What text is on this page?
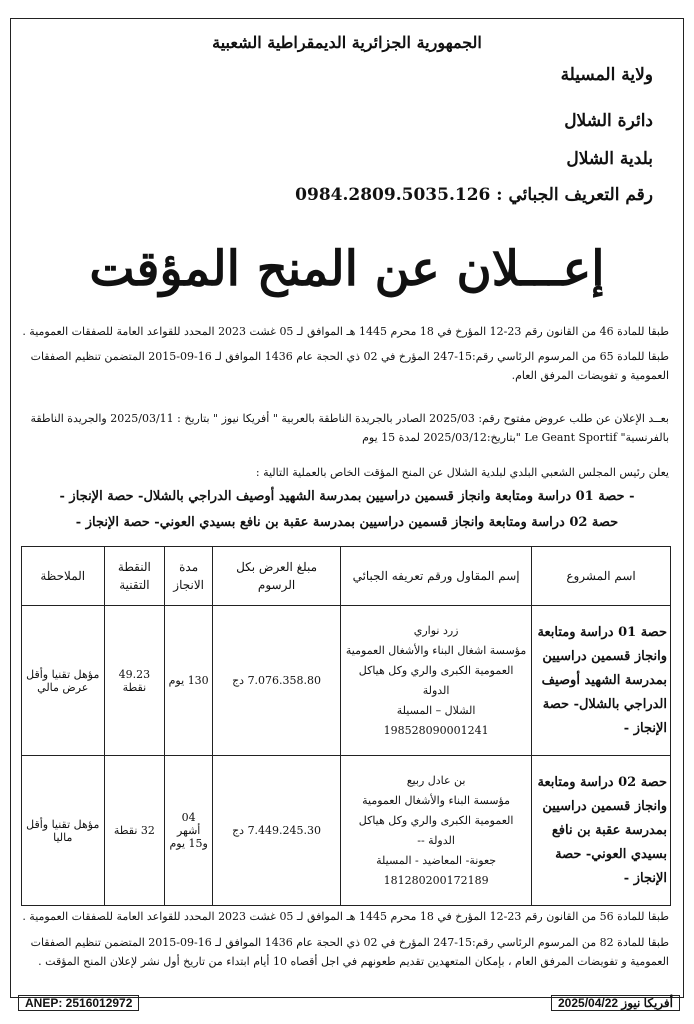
الجمهورية الجزائرية الديمقراطية الشعبية
ولاية المسيلة
دائرة الشلال
بلدية الشلال
رقم التعريف الجبائي : 0984.2809.5035.126
إعـــلان عن المنح المؤقت
طبقا للمادة 46 من القانون رقم 23-12 المؤرخ في 18 محرم 1445 هـ الموافق لـ 05 غشت 2023 المحدد للقواعد العامة للصفقات العمومية .
طبقا للمادة 65 من المرسوم الرئاسي رقم:15-247 المؤرخ في 02 ذي الحجة عام 1436 الموافق لـ 16-09-2015 المتضمن تنظيم الصفقات العمومية و تفويضات المرفق العام.
بعــد الإعلان عن طلب عروض مفتوح رقم: 2025/03 الصادر بالجريدة الناطقة بالعربية " أفريكا نيوز " بتاريخ : 2025/03/11 والجريدة الناطقة بالفرنسية" Le Geant Sportif "بتاريخ:2025/03/12 لمدة 15 يوم
يعلن رئيس المجلس الشعبي البلدي لبلدية الشلال عن المنح المؤقت الخاص بالعملية التالية :
- حصة 01 دراسة ومتابعة وانجاز قسمين دراسيين بمدرسة الشهيد أوصيف الدراجي بالشلال- حصة الإنجاز -
حصة 02 دراسة ومتابعة وانجاز قسمين دراسيين بمدرسة عقبة بن نافع بسيدي العوني- حصة الإنجاز -
اسم المشروع	إسم المقاول ورقم تعريفه الجبائي	مبلغ العرض بكل الرسوم	مدة الانجاز	النقطة التقنية	الملاحظة
حصة 01 دراسة ومتابعة وانجاز قسمين دراسيين بمدرسة الشهيد أوصيف الدراجي بالشلال- حصة الإنجاز -	زرد نواري
مؤسسة اشغال البناء والأشغال العمومية العمومية الكبرى والري وكل هياكل الدولة
الشلال – المسيلة
198528090001241	7.076.358.80 دج	130 يوم	49.23 نقطة	مؤهل تقنيا وأقل عرض مالي
حصة 02 دراسة ومتابعة وانجاز قسمين دراسيين بمدرسة عقبة بن نافع بسيدي العوني- حصة الإنجاز -	بن عادل ربيع
مؤسسة البناء والأشغال العمومية العمومية الكبرى والري وكل هياكل الدولة --
جعونة- المعاضيد - المسيلة
181280200172189	7.449.245.30 دج	04 أشهر و15 يوم	32 نقطة	مؤهل تقنيا وأقل ماليا
طبقا للمادة 56 من القانون رقم 23-12 المؤرخ في 18 محرم 1445 هـ الموافق لـ 05 غشت 2023 المحدد للقواعد العامة للصفقات العمومية .
طبقا للمادة 82 من المرسوم الرئاسي رقم:15-247 المؤرخ في 02 ذي الحجة عام 1436 الموافق لـ 16-09-2015 المتضمن تنظيم الصفقات العمومية و تفويضات المرفق العام ، بإمكان المتعهدين تقديم طعونهم في اجل أقصاه 10 أيام ابتداء من تاريخ أول نشر لإعلان المنح المؤقت .
ANEP: 2516012972	أفريكا نيوز 2025/04/22
